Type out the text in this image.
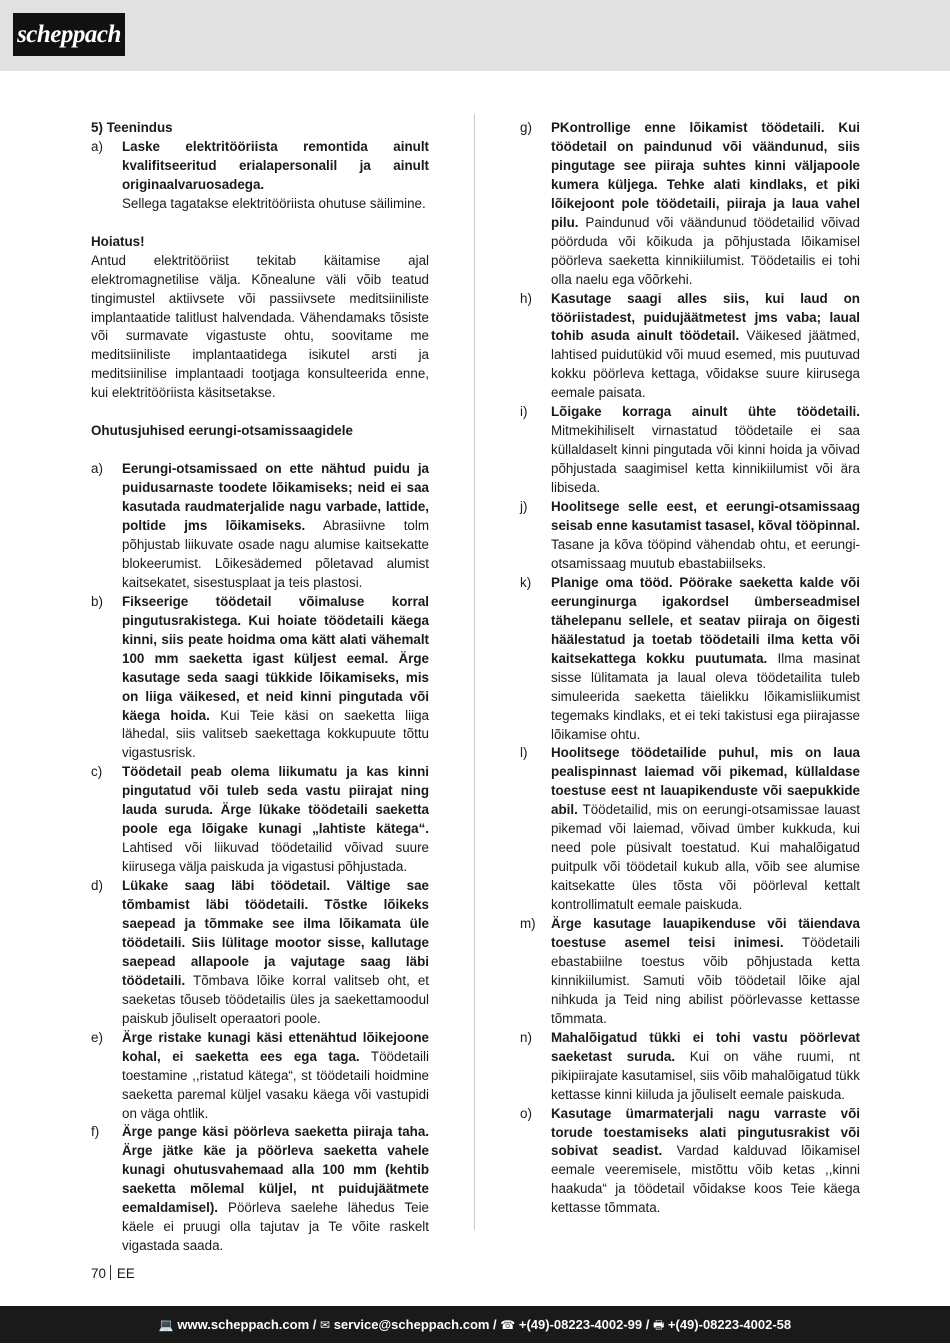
scheppach

5) Teenindus

a)	Laske elektritööriista remontida ainult kvalifitseeritud erialapersonalil ja ainult originaalvaruosadega.

Sellega tagatakse elektritööriista ohutuse säilimine.

Hoiatus!

Antud elektritööriist tekitab käitamise ajal elektromagnetilise välja. Kõnealune väli võib teatud tingimustel aktiivsete või passiivsete meditsiiniliste implantaatide talitlust halvendada. Vähendamaks tõsiste või surmavate vigastuste ohtu, soovitame me meditsiiniliste implantaatidega isikutel arsti ja meditsiinilise implantaadi tootjaga konsulteerida enne, kui elektritööriista käsitsetakse.

Ohutusjuhised eerungi-otsamissaagidele

a)	Eerungi-otsamissaed on ette nähtud puidu ja puidusarnaste toodete lõikamiseks; neid ei saa kasutada raudmaterjalide nagu varbade, lattide, poltide jms lõikamiseks. Abrasiivne tolm põhjustab liikuvate osade nagu alumise kaitsekatte blokeerumist. Lõikesädemed põletavad alumist kaitsekatet, sisestusplaat ja teis plastosi.
b)	Fikseerige töödetail võimaluse korral pingutusrakistega. Kui hoiate töödetaili käega kinni, siis peate hoidma oma kätt alati vähemalt 100 mm saeketta igast küljest eemal. Ärge kasutage seda saagi tükkide lõikamiseks, mis on liiga väikesed, et neid kinni pingutada või käega hoida. Kui Teie käsi on saeketta liiga lähedal, siis valitseb saekettaga kokkupuute tõttu vigastusrisk.
c)	Töödetail peab olema liikumatu ja kas kinni pingutatud või tuleb seda vastu piirajat ning lauda suruda. Ärge lükake töödetaili saeketta poole ega lõigake kunagi „lahtiste kätega“. Lahtised või liikuvad töödetailid võivad suure kiirusega välja paiskuda ja vigastusi põhjustada.
d)	Lükake saag läbi töödetail. Vältige sae tõmbamist läbi töödetaili. Tõstke lõikeks saepead ja tõmmake see ilma lõikamata üle töödetaili. Siis lülitage mootor sisse, kallutage saepead allapoole ja vajutage saag läbi töödetaili. Tõmbava lõike korral valitseb oht, et saeketas tõuseb töödetailis üles ja saekettamoodul paiskub jõuliselt operaatori poole.
e)	Ärge ristake kunagi käsi ettenähtud lõikejoone kohal, ei saeketta ees ega taga. Töödetaili toestamine ,,ristatud kätega“, st töödetaili hoidmine saeketta paremal küljel vasaku käega või vastupidi on väga ohtlik.
f)	Ärge pange käsi pöörleva saeketta piiraja taha. Ärge jätke käe ja pöörleva saeketta vahele kunagi ohutusvahemaad alla 100 mm (kehtib saeketta mõlemal küljel, nt puidujäätmete eemaldamisel). Pöörleva saelehe lähedus Teie käele ei pruugi olla tajutav ja Te võite raskelt vigastada saada.
g)	PKontrollige enne lõikamist töödetaili. Kui töödetail on paindunud või väändunud, siis pingutage see piiraja suhtes kinni väljapoole kumera küljega. Tehke alati kindlaks, et piki lõikejoont pole töödetaili, piiraja ja laua vahel pilu. Paindunud või väändunud töödetailid võivad pöörduda või kõikuda ja põhjustada lõikamisel pöörleva saeketta kinnikiilumist. Töödetailis ei tohi olla naelu ega võõrkehi.
h)	Kasutage saagi alles siis, kui laud on tööriistadest, puidujäätmetest jms vaba; laual tohib asuda ainult töödetail. Väikesed jäätmed, lahtised puidutükid või muud esemed, mis puutuvad kokku pöörleva kettaga, võidakse suure kiirusega eemale paisata.
i)	Lõigake korraga ainult ühte töödetaili. Mitmekihiliselt virnastatud töödetaile ei saa küllaldaselt kinni pingutada või kinni hoida ja võivad põhjustada saagimisel ketta kinnikiilumist või ära libiseda.
j)	Hoolitsege selle eest, et eerungi-otsamissaag seisab enne kasutamist tasasel, kõval tööpinnal. Tasane ja kõva tööpind vähendab ohtu, et eerungi-otsamissaag muutub ebastabiilseks.
k)	Planige oma tööd. Pöörake saeketta kalde või eerunginurga igakordsel ümberseadmisel tähelepanu sellele, et seatav piiraja on õigesti häälestatud ja toetab töödetaili ilma ketta või kaitsekattega kokku puutumata. Ilma masinat sisse lülitamata ja laual oleva töödetailita tuleb simuleerida saeketta täielikku lõikamisliikumist tegemaks kindlaks, et ei teki takistusi ega piirajasse lõikamise ohtu.
l)	Hoolitsege töödetailide puhul, mis on laua pealispinnast laiemad või pikemad, küllaldase toestuse eest nt lauapikenduste või saepukkide abil. Töödetailid, mis on eerungi-otsamissae lauast pikemad või laiemad, võivad ümber kukkuda, kui need pole püsivalt toestatud. Kui mahalõigatud puitpulk või töödetail kukub alla, võib see alumise kaitsekatte üles tõsta või pöörleval kettalt kontrollimatult eemale paiskuda.
m)	Ärge kasutage lauapikenduse või täiendava toestuse asemel teisi inimesi. Töödetaili ebastabiilne toestus võib põhjustada ketta kinnikiilumist. Samuti võib töödetail lõike ajal nihkuda ja Teid ning abilist pöörlevasse kettasse tõmmata.
n)	Mahalõigatud tükki ei tohi vastu pöörlevat saeketast suruda. Kui on vähe ruumi, nt pikipiirajate kasutamisel, siis võib mahalõigatud tükk kettasse kinni kiiluda ja jõuliselt eemale paiskuda.
o)	Kasutage ümarmaterjali nagu varraste või torude toestamiseks alati pingutusrakist või sobivat seadist. Vardad kalduvad lõikamisel eemale veeremisele, mistõttu võib ketas ,,kinni haakuda“ ja töödetail võidakse koos Teie käega kettasse tõmmata.
70 EE
💻 www.scheppach.com / ✉ service@scheppach.com / ☎ +(49)-08223-4002-99 / 🖶 +(49)-08223-4002-58
